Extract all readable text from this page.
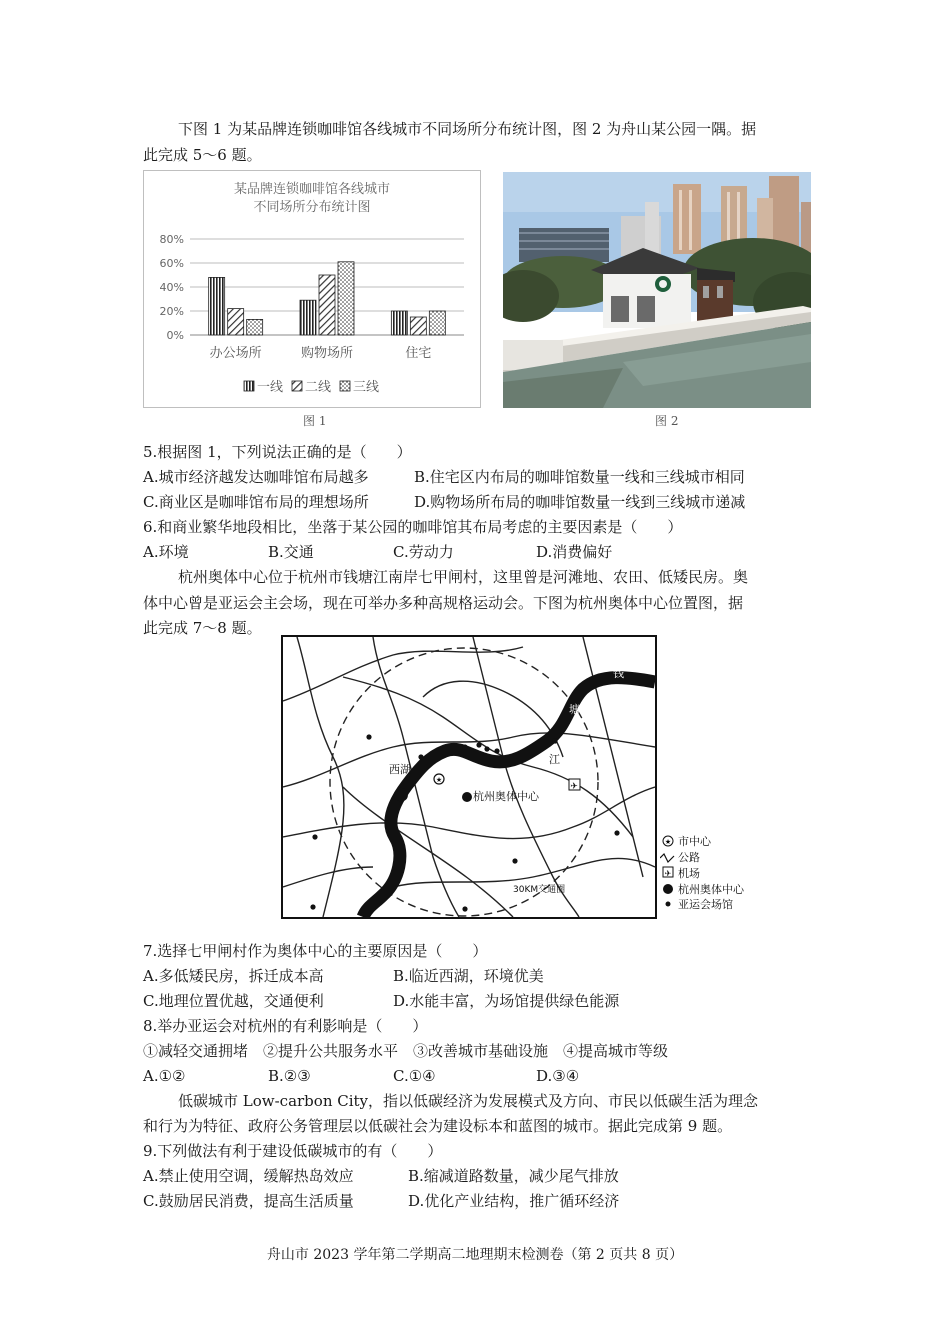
下图 1 为某品牌连锁咖啡馆各线城市不同场所分布统计图，图 2 为舟山某公园一隅。据
此完成 5～6 题。
某品牌连锁咖啡馆各线城市
不同场所分布统计图
0%
20%
40%
60%
80%
办公场所	购物场所	住宅
一线 二线 三线
图 1	图 2
5.根据图 1，下列说法正确的是（　　）
A.城市经济越发达咖啡馆布局越多	B.住宅区内布局的咖啡馆数量一线和三线城市相同
C.商业区是咖啡馆布局的理想场所	D.购物场所布局的咖啡馆数量一线到三线城市递减
6.和商业繁华地段相比，坐落于某公园的咖啡馆其布局考虑的主要因素是（　　）
A.环境	B.交通	C.劳动力	D.消费偏好
杭州奥体中心位于杭州市钱塘江南岸七甲闸村，这里曾是河滩地、农田、低矮民房。奥
体中心曾是亚运会主会场，现在可举办多种高规格运动会。下图为杭州奥体中心位置图，据
此完成 7～8 题。
钱
塘
江
西湖
★
杭州奥体中心
✈
30KM交通圈
★ 市中心
公路
✈ 机场
杭州奥体中心
亚运会场馆
7.选择七甲闸村作为奥体中心的主要原因是（　　）
A.多低矮民房，拆迁成本高	B.临近西湖，环境优美
C.地理位置优越，交通便利	D.水能丰富，为场馆提供绿色能源
8.举办亚运会对杭州的有利影响是（　　）
①减轻交通拥堵　②提升公共服务水平　③改善城市基础设施　④提高城市等级
A.①②	B.②③	C.①④	D.③④
低碳城市 Low-carbon City，指以低碳经济为发展模式及方向、市民以低碳生活为理念
和行为为特征、政府公务管理层以低碳社会为建设标本和蓝图的城市。据此完成第 9 题。
9.下列做法有利于建设低碳城市的有（　　）
A.禁止使用空调，缓解热岛效应	B.缩减道路数量，减少尾气排放
C.鼓励居民消费，提高生活质量	D.优化产业结构，推广循环经济
舟山市 2023 学年第二学期高二地理期末检测卷（第 2 页共 8 页）
